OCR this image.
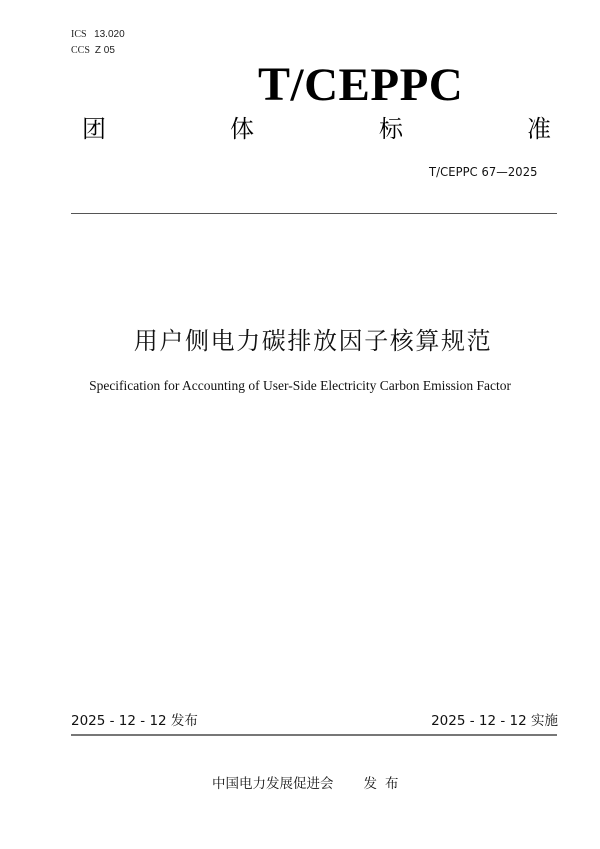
ICS 13.020
CCS Z 05
T/CEPPC
团	体	标	准
T/CEPPC 67—2025
用户侧电力碳排放因子核算规范
Specification for Accounting of User-Side Electricity Carbon Emission Factor
2025 - 12 - 12 发布	2025 - 12 - 12 实施
中国电力发展促进会 发布
